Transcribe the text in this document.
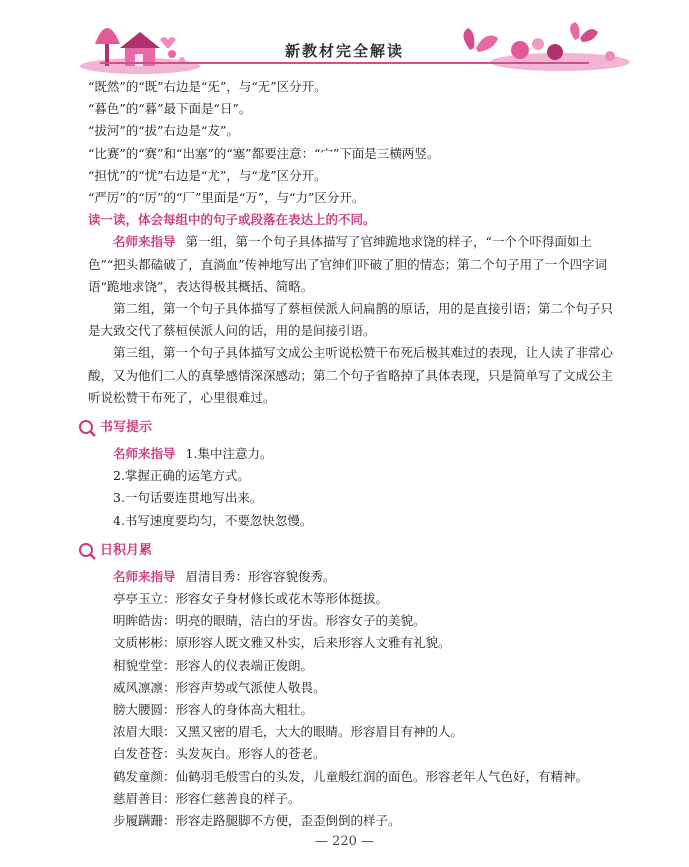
新教材完全解读

“既然”的“既”右边是“旡”，与“无”区分开。

“暮色”的“暮”最下面是“日”。

“拔河”的“拔”右边是“犮”。

“比赛”的“赛”和“出塞”的“塞”都要注意：“宀”下面是三横两竖。

“担忧”的“忧”右边是“尤”，与“龙”区分开。

“严厉”的“厉”的“厂”里面是“万”，与“力”区分开。

读一读，体会每组中的句子或段落在表达上的不同。

名师来指导 第一组，第一个句子具体描写了官绅跪地求饶的样子，“一个个吓得面如土色”“把头都磕破了，直淌血”传神地写出了官绅们吓破了胆的情态；第二个句子用了一个四字词语“跪地求饶”，表达得极其概括、简略。

第二组，第一个句子具体描写了蔡桓侯派人问扁鹊的原话，用的是直接引语；第二个句子只是大致交代了蔡桓侯派人问的话，用的是间接引语。

第三组，第一个句子具体描写文成公主听说松赞干布死后极其难过的表现，让人读了非常心酸，又为他们二人的真挚感情深深感动；第二个句子省略掉了具体表现，只是简单写了文成公主听说松赞干布死了，心里很难过。

书写提示

名师来指导 1.集中注意力。

2.掌握正确的运笔方式。

3.一句话要连贯地写出来。

4.书写速度要均匀，不要忽快忽慢。

日积月累

名师来指导 眉清目秀：形容容貌俊秀。

亭亭玉立：形容女子身材修长或花木等形体挺拔。

明眸皓齿：明亮的眼睛，洁白的牙齿。形容女子的美貌。

文质彬彬：原形容人既文雅又朴实，后来形容人文雅有礼貌。

相貌堂堂：形容人的仪表端正俊朗。

威风凛凛：形容声势或气派使人敬畏。

膀大腰圆：形容人的身体高大粗壮。

浓眉大眼：又黑又密的眉毛，大大的眼睛。形容眉目有神的人。

白发苍苍：头发灰白。形容人的苍老。

鹤发童颜：仙鹤羽毛般雪白的头发，儿童般红润的面色。形容老年人气色好，有精神。

慈眉善目：形容仁慈善良的样子。

步履蹒跚：形容走路腿脚不方便，歪歪倒倒的样子。

— 220 —
